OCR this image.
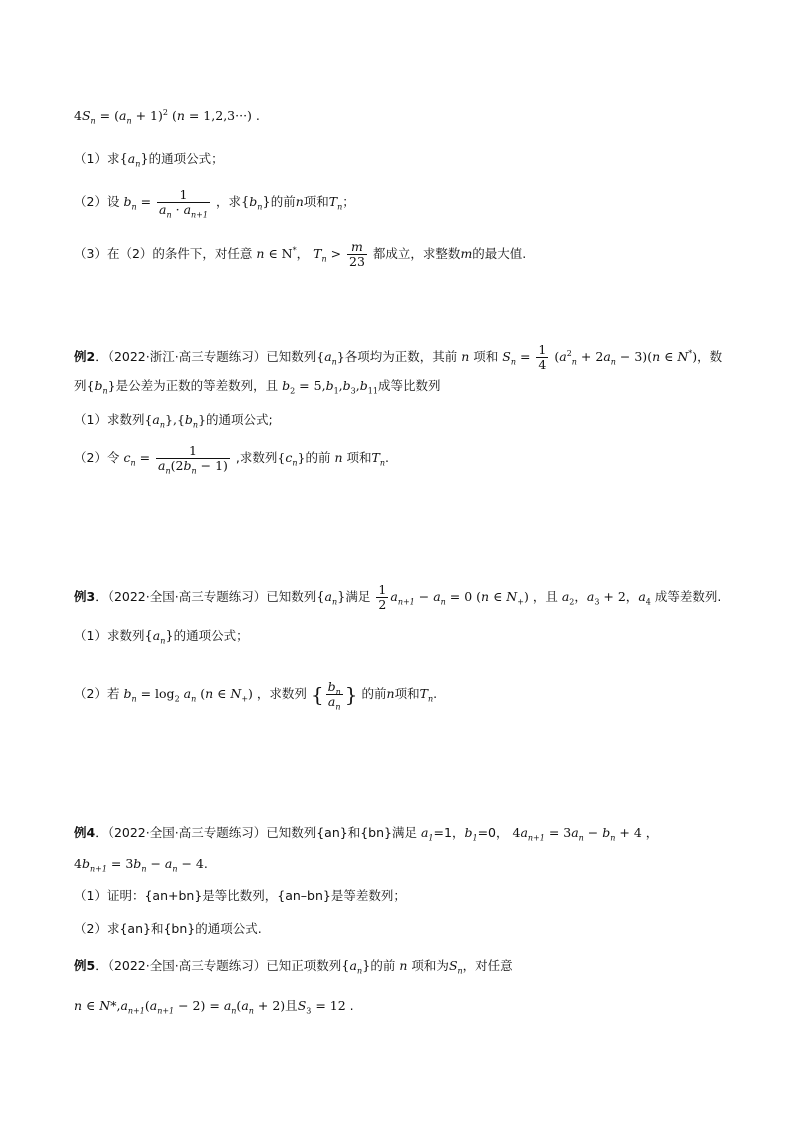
$4S_n = (a_n + 1)^2$ (n = 1,2,3···) .
（1）求$\{a_n\}$的通项公式；
（2）设 $b_n = \frac{1}{a_n \cdot a_{n+1}}$ ，求$\{b_n\}$的前n项和$T_n$；
（3）在（2）的条件下，对任意 n ∈ N*， $T_n > \frac{m}{23}$ 都成立，求整数m的最大值.
例2．（2022·浙江·高三专题练习）已知数列$\{a_n\}$各项均为正数，其前 n 项和 $S_n = \frac{1}{4} (a^2_n + 2a_n - 3)(n$ ∈ N*)，数
列$\{b_n\}$是公差为正数的等差数列，且 $b_2 = 5,b_1,b_3,b_{11}$成等比数列
（1）求数列$\{a_n\},\{b_n\}$的通项公式;
（2）令 $c_n = \frac{1}{a_n(2b_n - 1)}$ ,求数列$\{c_n\}$的前 n 项和$T_n$.
例3．（2022·全国·高三专题练习）已知数列$\{a_n\}$满足 $\frac{1}{2} a_{n+1} - a_n = 0$ (n ∈ $N_+$) ，且 $a_2$，$a_3 + 2$，$a_4$ 成等差数列.
（1）求数列$\{a_n\}$的通项公式；
（2）若 $b_n = \log_2 a_n$ (n ∈ $N_+$) ，求数列 { $\frac{b_n}{a_n}$ } 的前n项和$T_n$.
例4．（2022·全国·高三专题练习）已知数列{an}和{bn}满足 $a_1=1$，$b_1=0$， $4a_{n+1} = 3a_n - b_n + 4$ ，
$4b_{n+1} = 3b_n - a_n - 4$.
（1）证明：{an+bn}是等比数列，{an–bn}是等差数列；
（2）求{an}和{bn}的通项公式.
例5．（2022·全国·高三专题练习）已知正项数列$\{a_n\}$的前 n 项和为$S_n$，对任意
n ∈ $N*,a_{n+1}(a_{n+1} - 2) = a_n(a_n + 2)$且$S_3 = 12$ .
